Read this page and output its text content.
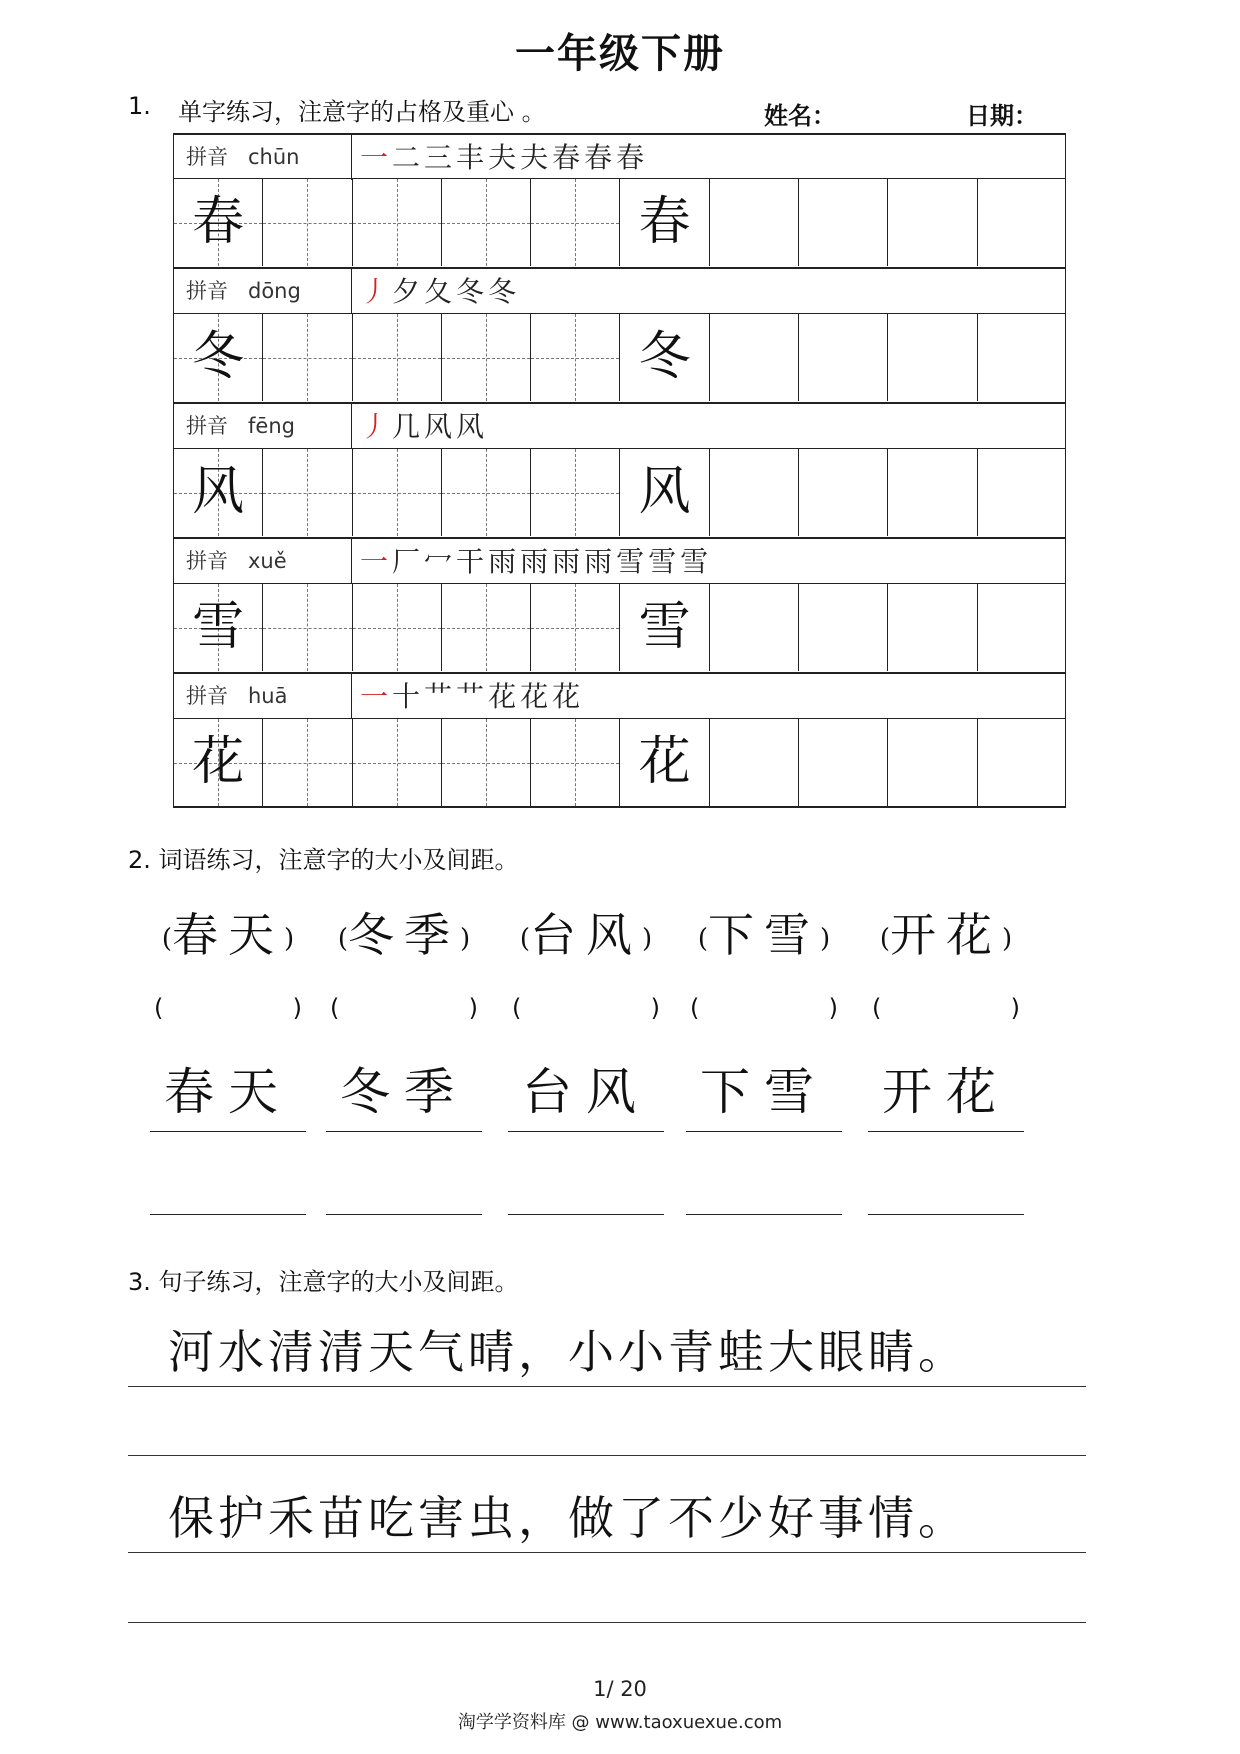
一年级下册
1. 单字练习，注意字的占格及重心 。	姓名：	日期：
拼音 chūn	一 二 三 丰 夫 夫 春 春 春
春	春
拼音 dōng	丿 夕 夂 冬 冬
冬	冬
拼音 fēng	丿 几 风 风
风	风
拼音 xuě	一 厂 冖 干 雨 雨 雨 雨 雪 雪 雪
雪	雪
拼音 huā	一 十 艹 艹 花 花 花
花	花
2. 词语练习，注意字的大小及间距。
(春天)	(冬季)	(台风)	(下雪)	(开花)
(	) (	) (	) (	) (	)
春天 冬季 台风 下雪 开花
3. 句子练习，注意字的大小及间距。
河水清清天气晴，小小青蛙大眼睛。
保护禾苗吃害虫，做了不少好事情。
1/ 20
淘学学资料库 @ www.taoxuexue.com
